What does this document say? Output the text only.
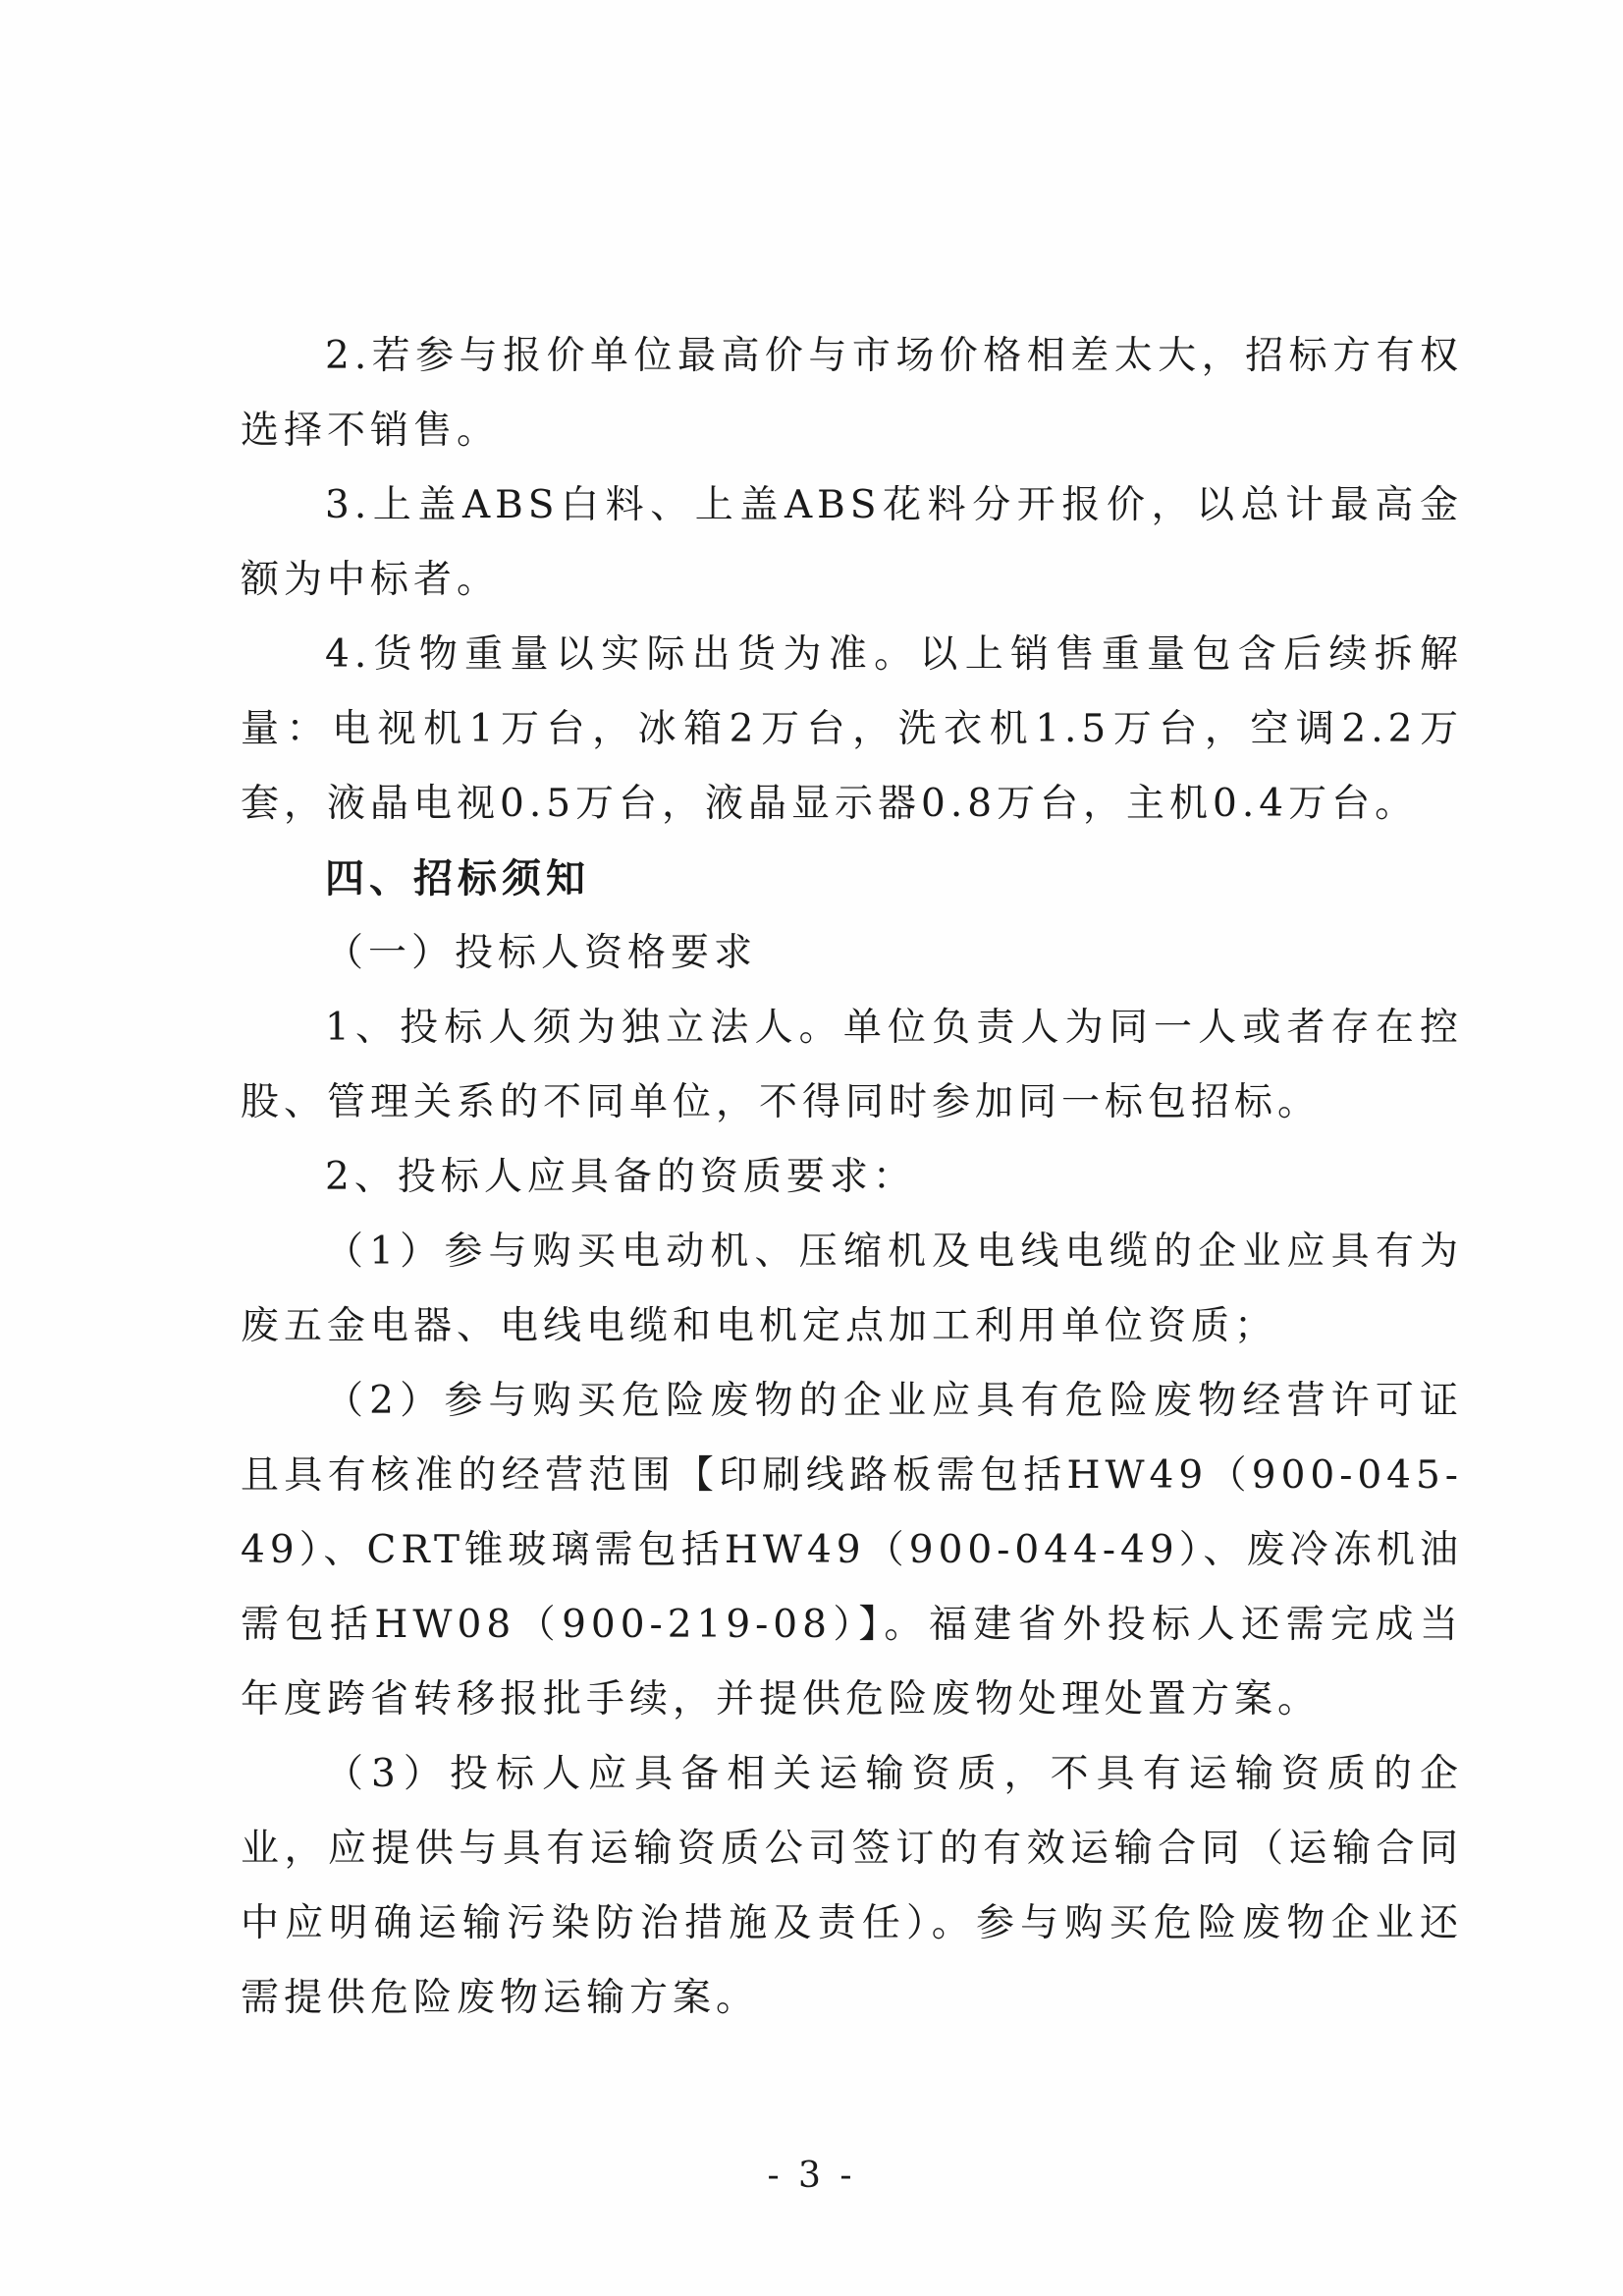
2.若参与报价单位最高价与市场价格相差太大，招标方有权选择不销售。

3.上盖ABS白料、上盖ABS花料分开报价，以总计最高金额为中标者。

4.货物重量以实际出货为准。以上销售重量包含后续拆解量：电视机1万台，冰箱2万台，洗衣机1.5万台，空调2.2万套，液晶电视0.5万台，液晶显示器0.8万台，主机0.4万台。

四、招标须知

（一）投标人资格要求

1、投标人须为独立法人。单位负责人为同一人或者存在控股、管理关系的不同单位，不得同时参加同一标包招标。

2、投标人应具备的资质要求：

（1）参与购买电动机、压缩机及电线电缆的企业应具有为废五金电器、电线电缆和电机定点加工利用单位资质；

（2）参与购买危险废物的企业应具有危险废物经营许可证且具有核准的经营范围【印刷线路板需包括HW49（900-045-49）、CRT锥玻璃需包括HW49（900-044-49）、废冷冻机油需包括HW08（900-219-08）】。福建省外投标人还需完成当年度跨省转移报批手续，并提供危险废物处理处置方案。

（3）投标人应具备相关运输资质，不具有运输资质的企业，应提供与具有运输资质公司签订的有效运输合同（运输合同中应明确运输污染防治措施及责任）。参与购买危险废物企业还需提供危险废物运输方案。

- 3 -
